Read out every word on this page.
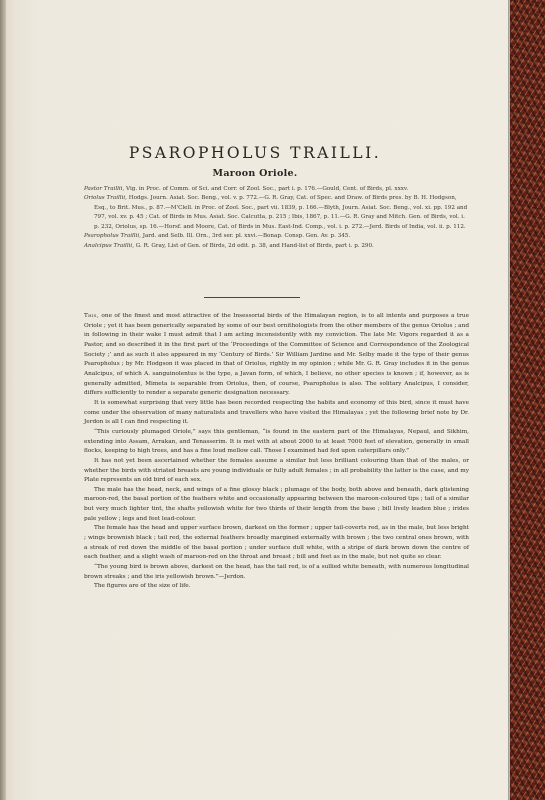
PSAROPHOLUS TRAILLI.
Maroon Oriole.

Pastor Traillii, Vig. in Proc. of Comm. of Sci. and Corr. of Zool. Soc., part i. p. 176.—Gould, Cent. of Birds, pl. xxxv.

Oriolus Traillii, Hodgs. Journ. Asiat. Soc. Beng., vol. v. p. 772.—G. R. Gray, Cat. of Spec. and Draw. of Birds pres. by B. H. Hodgson, Esq., to Brit. Mus., p. 87.—M'Clell. in Proc. of Zool. Soc., part vii. 1839, p. 166.—Blyth, Journ. Asiat. Soc. Beng., vol. xi. pp. 192 and 797, vol. xv. p. 45 ; Cat. of Birds in Mus. Asiat. Soc. Calcutta, p. 215 ; Ibis, 1867, p. 11.—G. R. Gray and Mitch. Gen. of Birds, vol. i. p. 232, Oriolus, sp. 16.—Horsf. and Moore, Cat. of Birds in Mus. East-Ind. Comp., vol. i. p. 272.—Jerd. Birds of India, vol. ii. p. 112.

Psaropholus Traillii, Jard. and Selb. Ill. Orn., 3rd ser. pl. xxvi.—Bonap. Consp. Gen. Av. p. 345.

Analcipus Traillii, G. R. Gray, List of Gen. of Birds, 2d edit. p. 38, and Hand-list of Birds, part i. p. 290.

This, one of the finest and most attractive of the Insessorial birds of the Himalayan region, is to all intents and purposes a true Oriole ; yet it has been generically separated by some of our best ornithologists from the other members of the genus Oriolus ; and in following in their wake I must admit that I am acting inconsistently with my conviction. The late Mr. Vigors regarded it as a Pastor, and so described it in the first part of the ‘Proceedings of the Committee of Science and Correspondence of the Zoological Society ;’ and as such it also appeared in my ‘Century of Birds.’ Sir William Jardine and Mr. Selby made it the type of their genus Psaropholus ; by Mr. Hodgson it was placed in that of Oriolus, rightly in my opinion ; while Mr. G. R. Gray includes it in the genus Analcipus, of which A. sanguinolentus is the type, a Javan form, of which, I believe, no other species is known ; if, however, as is generally admitted, Mimeta is separable from Oriolus, then, of course, Psaropholus is also. The solitary Analcipus, I consider, differs sufficiently to render a separate generic designation necessary.

It is somewhat surprising that very little has been recorded respecting the habits and economy of this bird, since it must have come under the observation of many naturalists and travellers who have visited the Himalayas ; yet the following brief note by Dr. Jerdon is all I can find respecting it.

“This curiously plumaged Oriole,” says this gentleman, “is found in the eastern part of the Himalayas, Nepaul, and Sikhim, extending into Assam, Arrakan, and Tenasserim. It is met with at about 2000 to at least 7000 feet of elevation, generally in small flocks, keeping to high trees, and has a fine loud mellow call. Those I examined had fed upon caterpillars only.”

It has not yet been ascertained whether the females assume a similar but less brilliant colouring than that of the males, or whether the birds with striated breasts are young individuals or fully adult females ; in all probability the latter is the case, and my Plate represents an old bird of each sex.

The male has the head, neck, and wings of a fine glossy black ; plumage of the body, both above and beneath, dark glistening maroon-red, the basal portion of the feathers white and occasionally appearing between the maroon-coloured tips ; tail of a similar but very much lighter tint, the shafts yellowish white for two thirds of their length from the base ; bill lively leaden blue ; irides pale yellow ; legs and feet lead-colour.

The female has the head and upper surface brown, darkest on the former ; upper tail-coverts red, as in the male, but less bright ; wings brownish black ; tail red, the external feathers broadly margined externally with brown ; the two central ones brown, with a streak of red down the middle of the basal portion ; under surface dull white, with a stripe of dark brown down the centre of each feather, and a slight wash of maroon-red on the throat and breast ; bill and feet as in the male, but not quite so clear.

“The young bird is brown above, darkest on the head, has the tail red, is of a sullied white beneath, with numerous longitudinal brown streaks ; and the iris yellowish brown.”—Jerdon.

The figures are of the size of life.
